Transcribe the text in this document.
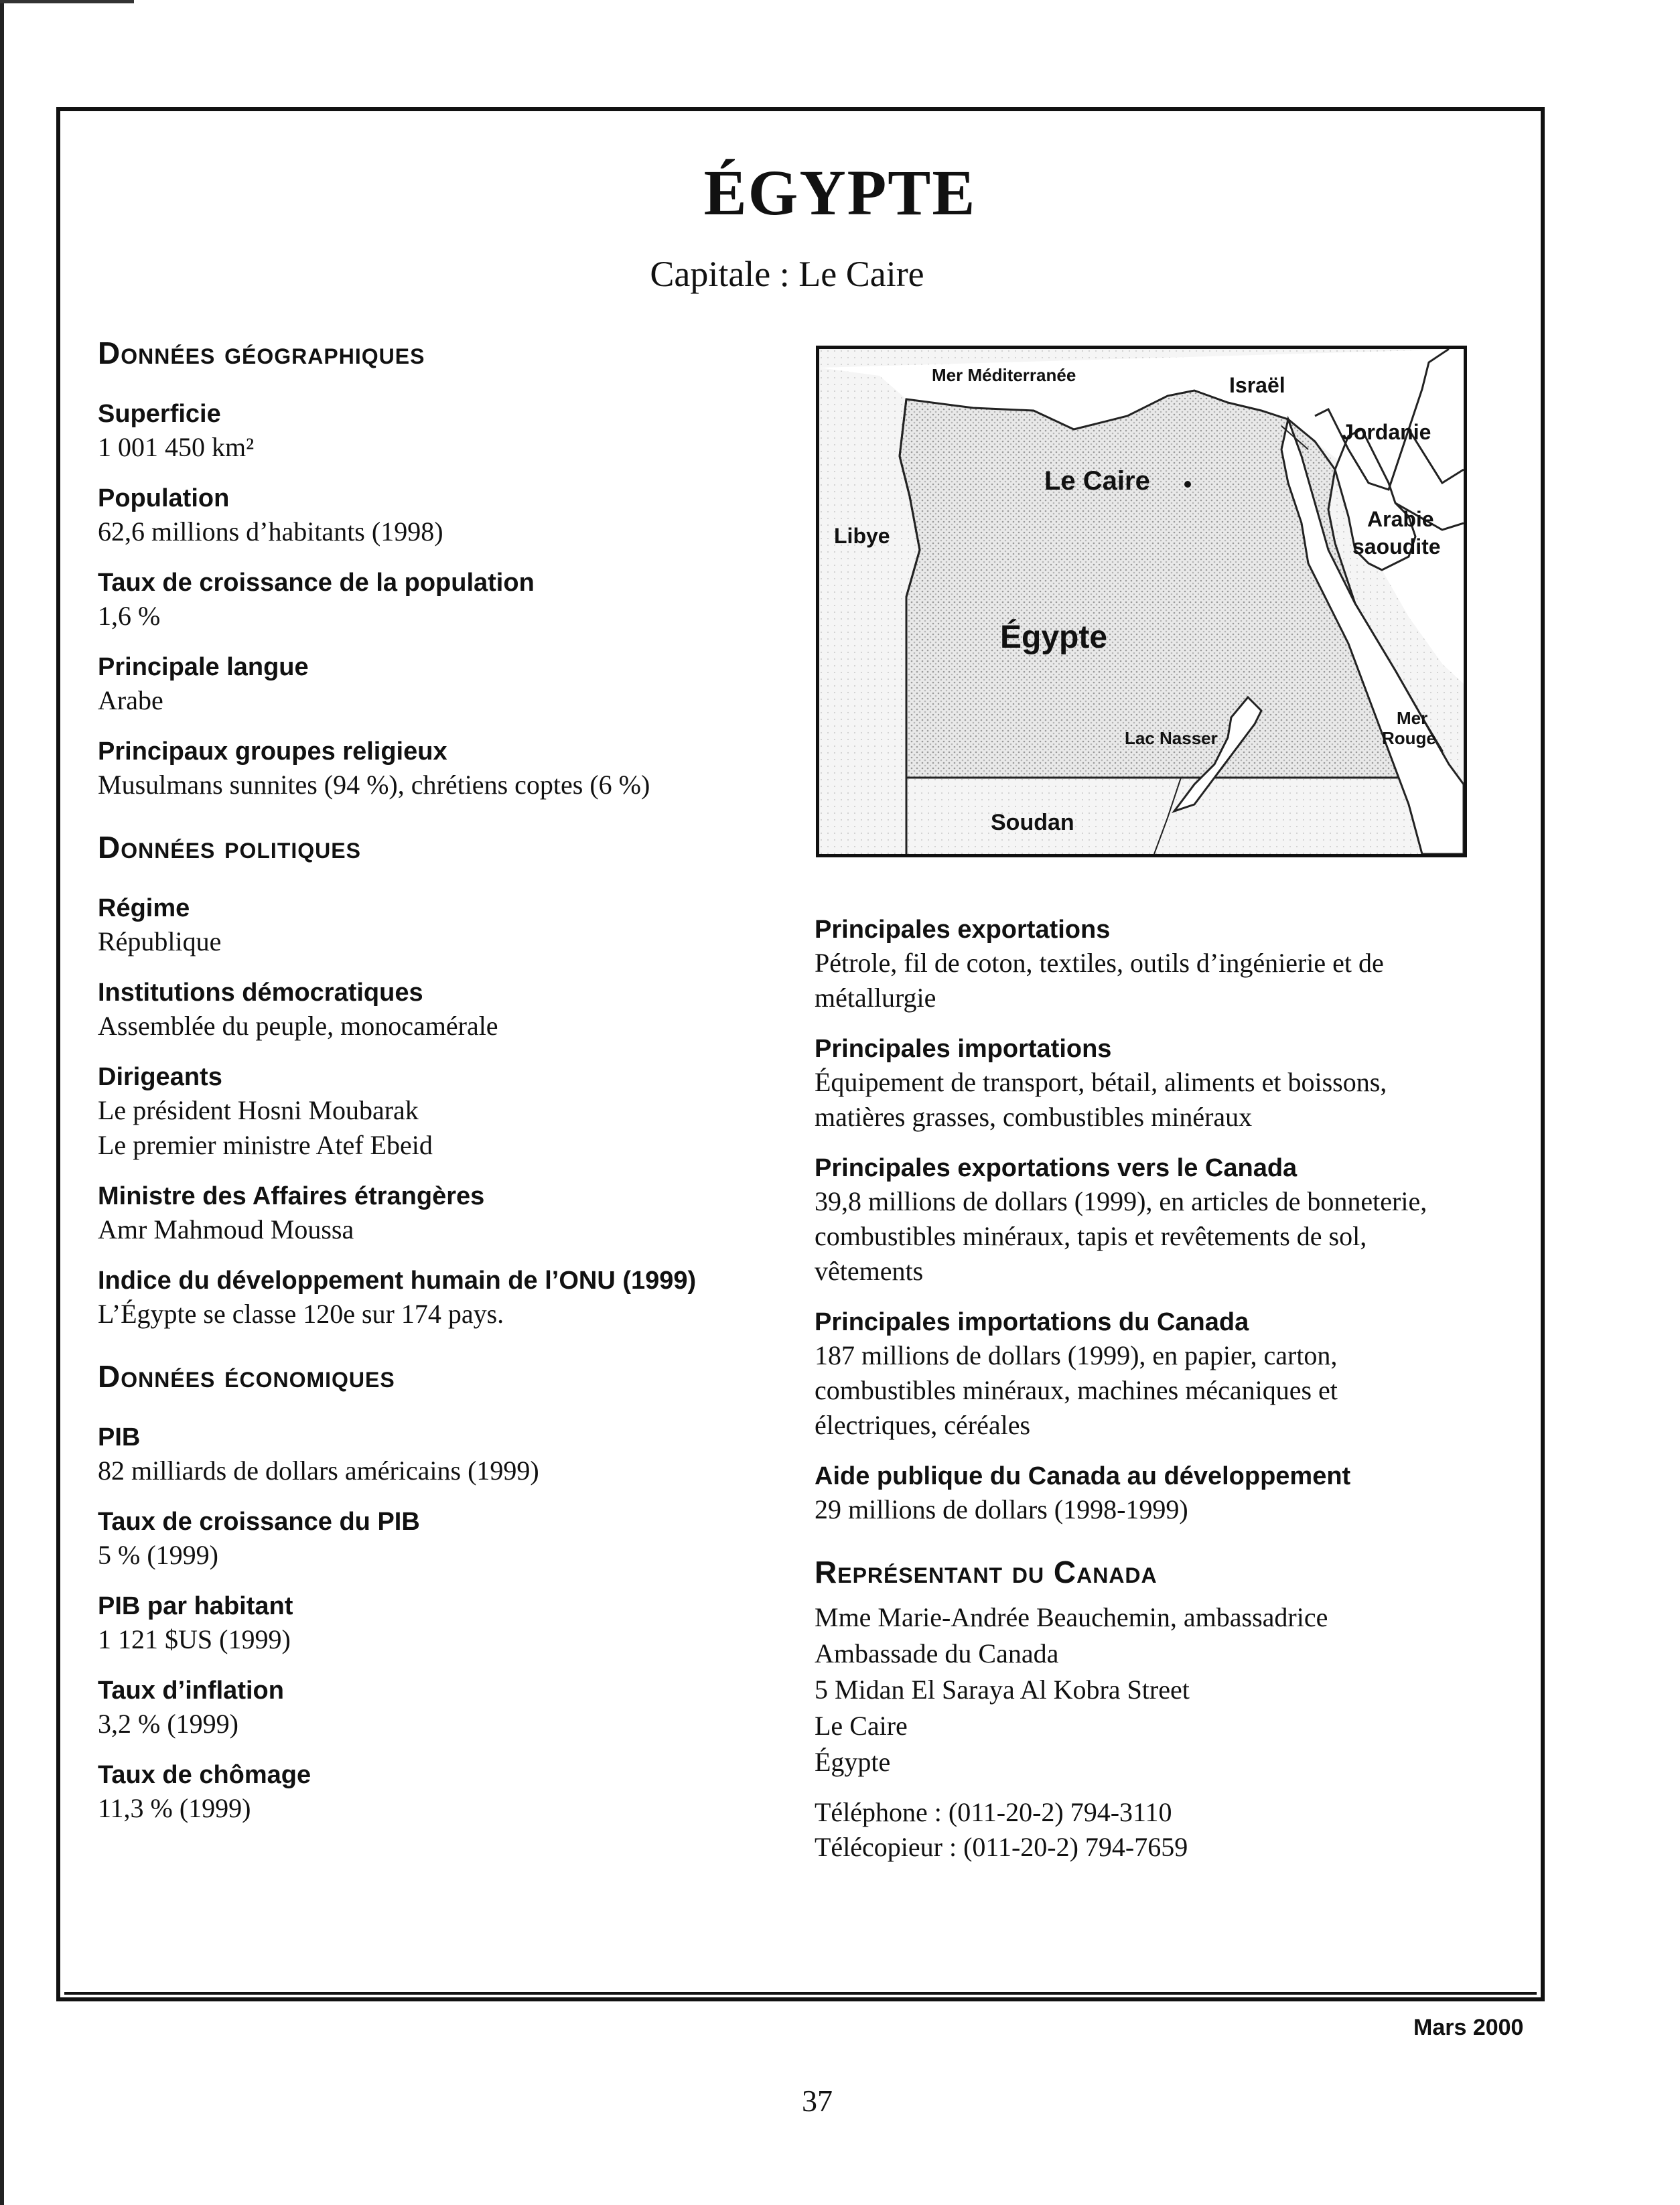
ÉGYPTE
Capitale : Le Caire
Données géographiques
Superficie
1 001 450 km²
Population
62,6 millions d’habitants (1998)
Taux de croissance de la population
1,6 %
Principale langue
Arabe
Principaux groupes religieux
Musulmans sunnites (94 %), chrétiens coptes (6 %)
Données politiques
Régime
République
Institutions démocratiques
Assemblée du peuple, monocamérale
Dirigeants
Le président Hosni Moubarak
Le premier ministre Atef Ebeid
Ministre des Affaires étrangères
Amr Mahmoud Moussa
Indice du développement humain de l’ONU (1999)
L’Égypte se classe 120e sur 174 pays.
Données économiques
PIB
82 milliards de dollars américains (1999)
Taux de croissance du PIB
5 % (1999)
PIB par habitant
1 121 $US (1999)
Taux d’inflation
3,2 % (1999)
Taux de chômage
11,3 % (1999)
Mer Méditerranée	Israël
Jordanie
Le Caire
Libye
Arabie
saoudite
Égypte
Mer
Rouge
Lac Nasser
Soudan
Principales exportations
Pétrole, fil de coton, textiles, outils d’ingénierie et de
métallurgie
Principales importations
Équipement de transport, bétail, aliments et boissons,
matières grasses, combustibles minéraux
Principales exportations vers le Canada
39,8 millions de dollars (1999), en articles de bonneterie,
combustibles minéraux, tapis et revêtements de sol,
vêtements
Principales importations du Canada
187 millions de dollars (1999), en papier, carton,
combustibles minéraux, machines mécaniques et
électriques, céréales
Aide publique du Canada au développement
29 millions de dollars (1998-1999)
Représentant du Canada
Mme Marie-Andrée Beauchemin, ambassadrice
Ambassade du Canada
5 Midan El Saraya Al Kobra Street
Le Caire
Égypte
Téléphone : (011-20-2) 794-3110
Télécopieur : (011-20-2) 794-7659
Mars 2000
37
